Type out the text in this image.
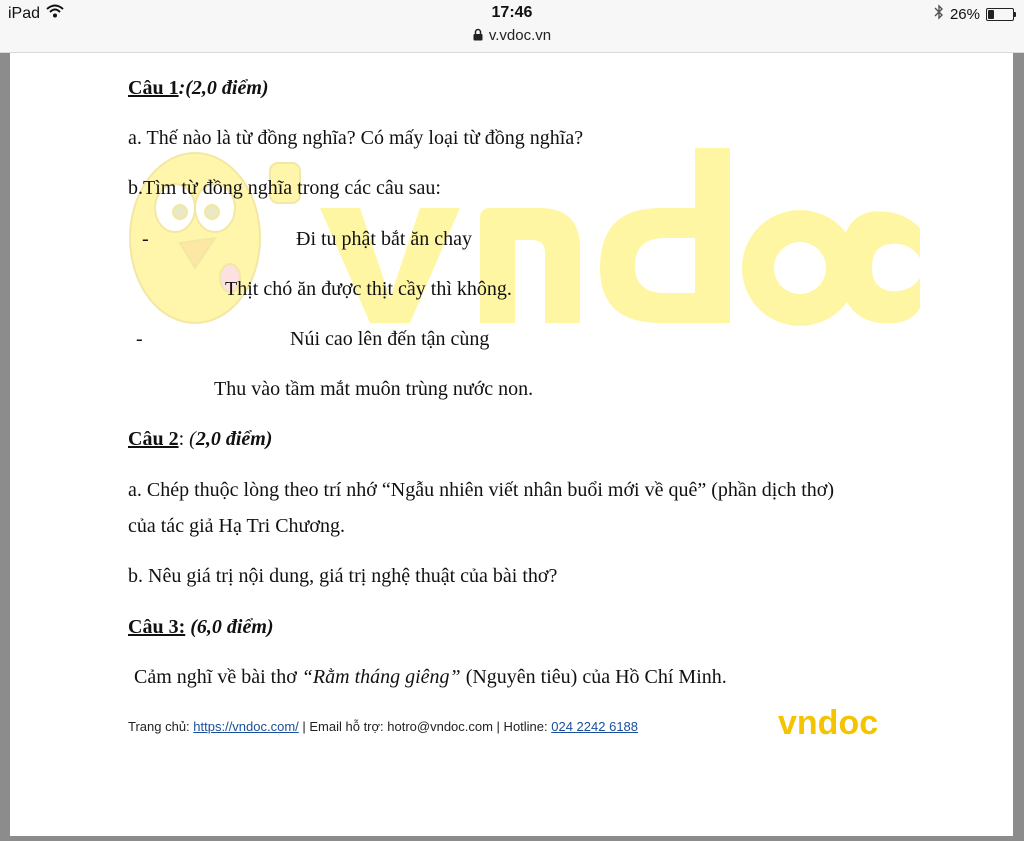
iPad	17:46
v.vdoc.vn
26%
Câu 1:(2,0 điểm)
a. Thế nào là từ đồng nghĩa? Có mấy loại từ đồng nghĩa?
b.Tìm từ đồng nghĩa trong các câu sau:
-	Đi tu phật bắt ăn chay
Thịt chó ăn được thịt cầy thì không.
-	Núi cao lên đến tận cùng
Thu vào tầm mắt muôn trùng nước non.
Câu 2: (2,0 điểm)
a. Chép thuộc lòng theo trí nhớ “Ngẫu nhiên viết nhân buổi mới về quê” (phần dịch thơ)
của tác giả Hạ Tri Chương.
b. Nêu giá trị nội dung, giá trị nghệ thuật của bài thơ?
Câu 3: (6,0 điểm)
Cảm nghĩ về bài thơ “Rằm tháng giêng” (Nguyên tiêu) của Hồ Chí Minh.
Trang chủ: https://vndoc.com/ | Email hỗ trợ: hotro@vndoc.com | Hotline: 024 2242 6188	vndoc
